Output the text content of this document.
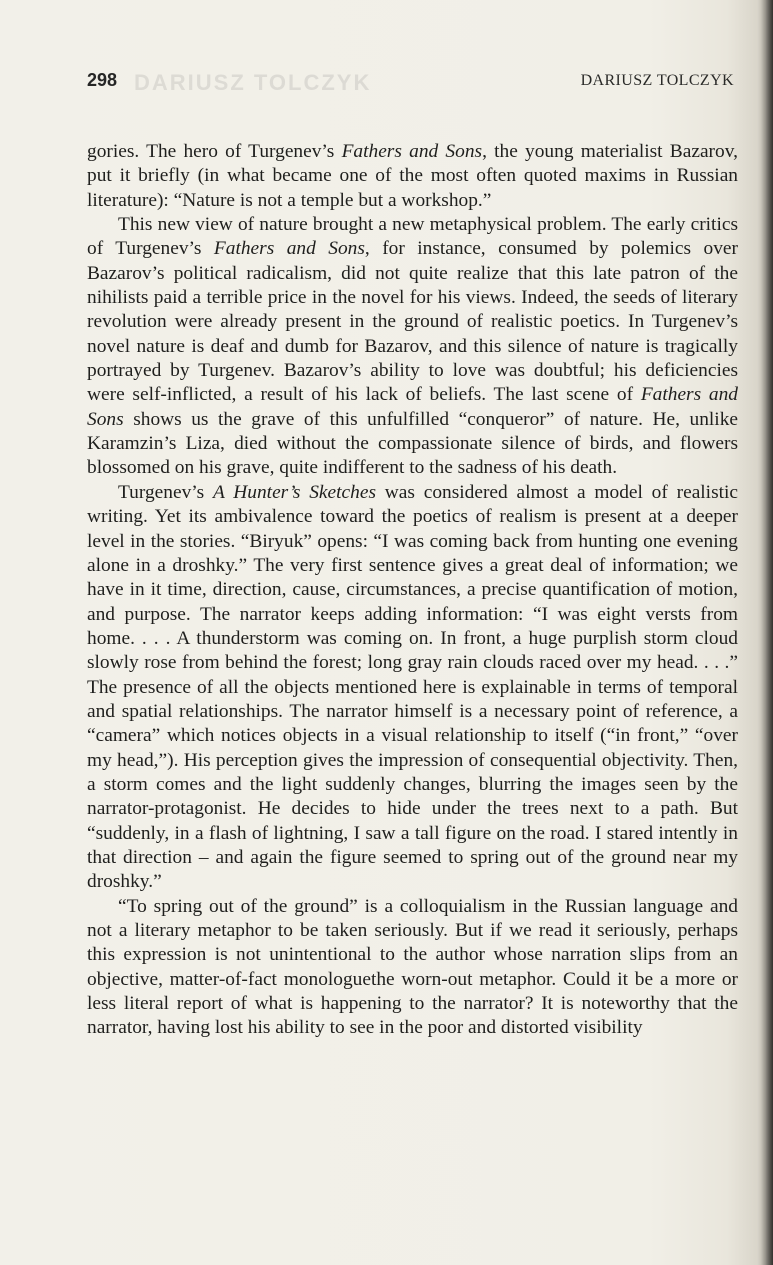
DARIUSZ TOLCZYK
298	DARIUSZ TOLCZYK

gories. The hero of Turgenev’s Fathers and Sons, the young materialist Bazarov, put it briefly (in what became one of the most often quoted maxims in Russian literature): “Nature is not a temple but a workshop.”

This new view of nature brought a new metaphysical problem. The early critics of Turgenev’s Fathers and Sons, for instance, consumed by polemics over Bazarov’s political radicalism, did not quite realize that this late patron of the nihilists paid a terrible price in the novel for his views. Indeed, the seeds of literary revolution were already present in the ground of realistic poetics. In Turgenev’s novel nature is deaf and dumb for Bazarov, and this silence of nature is tragically portrayed by Turgenev. Bazarov’s ability to love was doubtful; his deficiencies were self-inflicted, a result of his lack of beliefs. The last scene of Fathers and Sons shows us the grave of this unfulfilled “conqueror” of nature. He, unlike Karamzin’s Liza, died without the compassionate silence of birds, and flowers blossomed on his grave, quite indifferent to the sadness of his death.

Turgenev’s A Hunter’s Sketches was considered almost a model of realistic writing. Yet its ambivalence toward the poetics of realism is present at a deeper level in the stories. “Biryuk” opens: “I was coming back from hunting one evening alone in a droshky.” The very first sentence gives a great deal of information; we have in it time, direction, cause, circumstances, a precise quantification of motion, and purpose. The narrator keeps adding information: “I was eight versts from home. . . . A thunderstorm was coming on. In front, a huge purplish storm cloud slowly rose from behind the forest; long gray rain clouds raced over my head. . . .” The presence of all the objects mentioned here is explainable in terms of temporal and spatial relationships. The narrator himself is a necessary point of reference, a “camera” which notices objects in a visual relationship to itself (“in front,” “over my head,”). His perception gives the impression of consequential objectivity. Then, a storm comes and the light suddenly changes, blurring the images seen by the narrator-protagonist. He decides to hide under the trees next to a path. But “suddenly, in a flash of lightning, I saw a tall figure on the road. I stared intently in that direction – and again the figure seemed to spring out of the ground near my droshky.”

“To spring out of the ground” is a colloquialism in the Russian language and not a literary metaphor to be taken seriously. But if we read it seriously, perhaps this expression is not unintentional to the author whose narration slips from an objective, matter-of-fact monologuethe worn-out metaphor. Could it be a more or less literal report of what is happening to the narrator? It is noteworthy that the narrator, having lost his ability to see in the poor and distorted visibility
